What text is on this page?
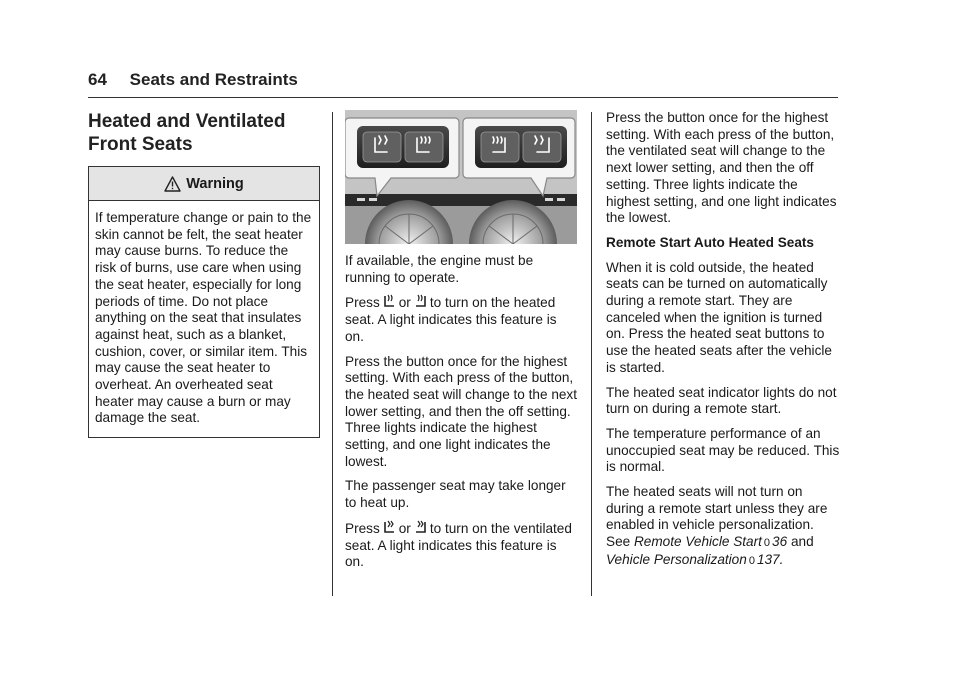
64 Seats and Restraints
Heated and Ventilated
Front Seats
Warning
If temperature change or pain to the skin cannot be felt, the seat heater may cause burns. To reduce the risk of burns, use care when using the seat heater, especially for long periods of time. Do not place anything on the seat that insulates against heat, such as a blanket, cushion, cover, or similar item. This may cause the seat heater to overheat. An overheated seat heater may cause a burn or may damage the seat.

If available, the engine must be running to operate.

Press or to turn on the heated seat. A light indicates this feature is on.

Press the button once for the highest setting. With each press of the button, the heated seat will change to the next lower setting, and then the off setting. Three lights indicate the highest setting, and one light indicates the lowest.

The passenger seat may take longer to heat up.

Press or to turn on the ventilated seat. A light indicates this feature is on.

Press the button once for the highest setting. With each press of the button, the ventilated seat will change to the next lower setting, and then the off setting. Three lights indicate the highest setting, and one light indicates the lowest.

Remote Start Auto Heated Seats

When it is cold outside, the heated seats can be turned on automatically during a remote start. They are canceled when the ignition is turned on. Press the heated seat buttons to use the heated seats after the vehicle is started.

The heated seat indicator lights do not turn on during a remote start.

The temperature performance of an unoccupied seat may be reduced. This is normal.

The heated seats will not turn on during a remote start unless they are enabled in vehicle personalization.
See Remote Vehicle Start 0 36 and
Vehicle Personalization 0 137.
